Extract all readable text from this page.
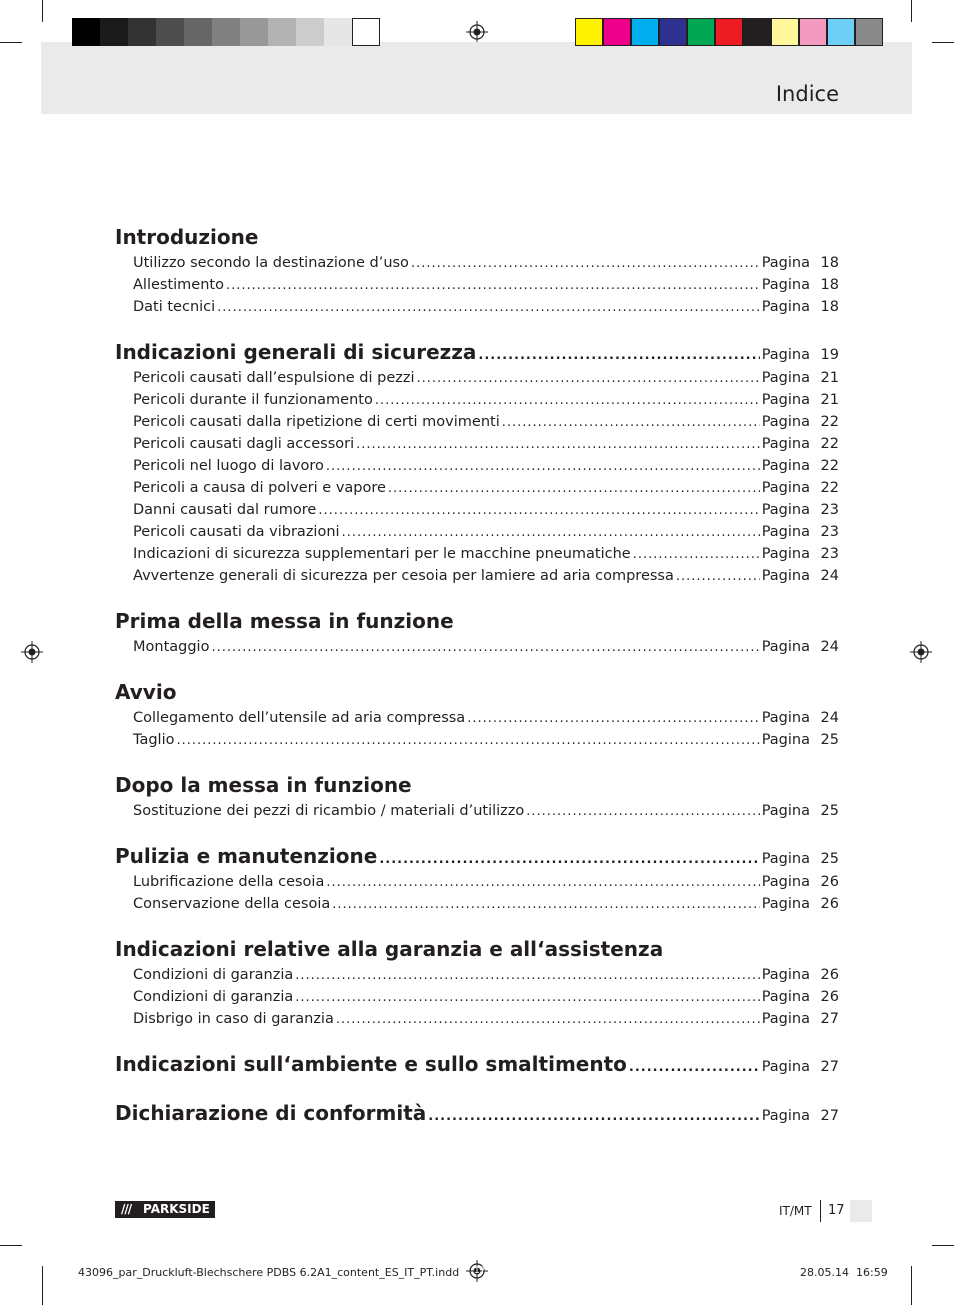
Indice
Introduzione
Utilizzo secondo la destinazione d’uso .....	Pagina 18
Allestimento .....	Pagina 18
Dati tecnici .....	Pagina 18
Indicazioni generali di sicurezza .....	Pagina 19
Pericoli causati dall’espulsione di pezzi .....	Pagina 21
Pericoli durante il funzionamento .....	Pagina 21
Pericoli causati dalla ripetizione di certi movimenti .....	Pagina 22
Pericoli causati dagli accessori .....	Pagina 22
Pericoli nel luogo di lavoro .....	Pagina 22
Pericoli a causa di polveri e vapore .....	Pagina 22
Danni causati dal rumore .....	Pagina 23
Pericoli causati da vibrazioni .....	Pagina 23
Indicazioni di sicurezza supplementari per le macchine pneumatiche .....	Pagina 23
Avvertenze generali di sicurezza per cesoia per lamiere ad aria compressa .....	Pagina 24
Prima della messa in funzione
Montaggio .....	Pagina 24
Avvio
Collegamento dell’utensile ad aria compressa .....	Pagina 24
Taglio .....	Pagina 25
Dopo la messa in funzione
Sostituzione dei pezzi di ricambio / materiali d’utilizzo .....	Pagina 25
Pulizia e manutenzione .....	Pagina 25
Lubrificazione della cesoia .....	Pagina 26
Conservazione della cesoia .....	Pagina 26
Indicazioni relative alla garanzia e all‘assistenza
Condizioni di garanzia .....	Pagina 26
Condizioni di garanzia .....	Pagina 26
Disbrigo in caso di garanzia .....	Pagina 27
Indicazioni sull‘ambiente e sullo smaltimento .....	Pagina 27
Dichiarazione di conformità .....	Pagina 27
/// PARKSIDE	IT/MT 17
43096_par_Druckluft-Blechschere PDBS 6.2A1_content_ES_IT_PT.indd 17	28.05.14 16:59
